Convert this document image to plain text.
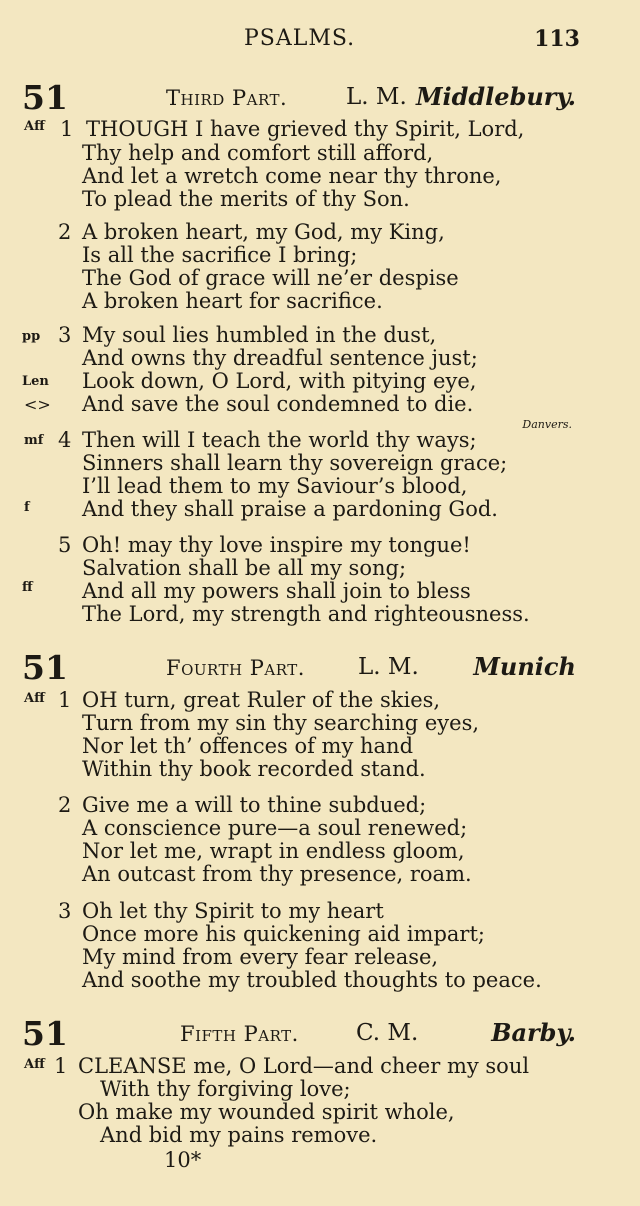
PSALMS.	113
51	Third Part.	L. M. Middlebury.
Aff 1 THOUGH I have grieved thy Spirit, Lord,
Thy help and comfort still afford,
And let a wretch come near thy throne,
To plead the merits of thy Son.
2 A broken heart, my God, my King,
Is all the sacrifice I bring;
The God of grace will ne’er despise
A broken heart for sacrifice.
pp 3 My soul lies humbled in the dust,
And owns thy dreadful sentence just;
Len Look down, O Lord, with pitying eye,
<> And save the soul condemned to die.
Danvers.
mf 4 Then will I teach the world thy ways;
Sinners shall learn thy sovereign grace;
I’ll lead them to my Saviour’s blood,
f And they shall praise a pardoning God.
5 Oh! may thy love inspire my tongue!
Salvation shall be all my song;
ff And all my powers shall join to bless
The Lord, my strength and righteousness.
51	Fourth Part. L. M. Munich
Aff 1 OH turn, great Ruler of the skies,
Turn from my sin thy searching eyes,
Nor let th’ offences of my hand
Within thy book recorded stand.
2 Give me a will to thine subdued;
A conscience pure—a soul renewed;
Nor let me, wrapt in endless gloom,
An outcast from thy presence, roam.
3 Oh let thy Spirit to my heart
Once more his quickening aid impart;
My mind from every fear release,
And soothe my troubled thoughts to peace.
51	Fifth Part. C. M.	Barby.
Aff 1 CLEANSE me, O Lord—and cheer my soul
With thy forgiving love;
Oh make my wounded spirit whole,
And bid my pains remove.
10*
